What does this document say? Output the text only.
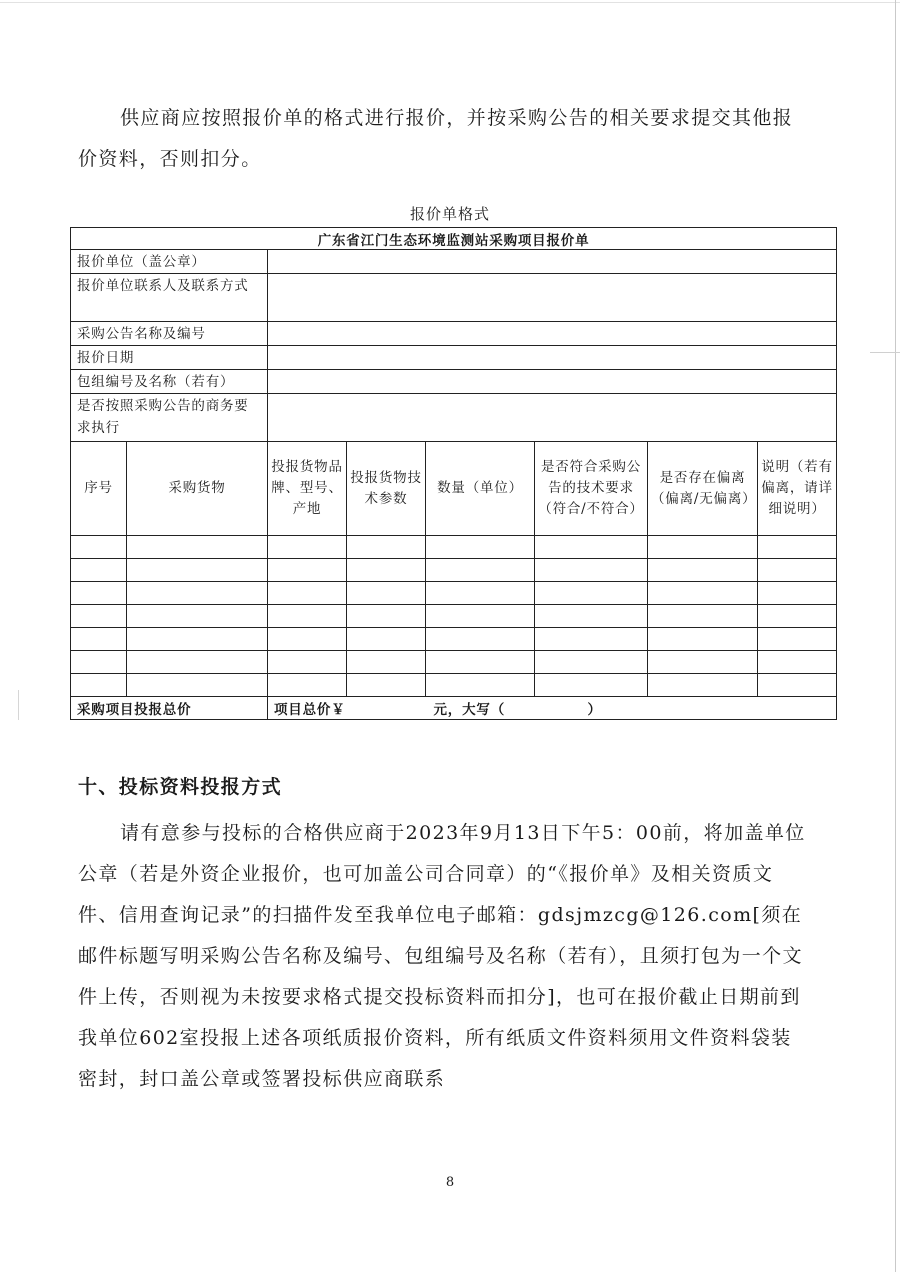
供应商应按照报价单的格式进行报价，并按采购公告的相关要求提交其他报价资料，否则扣分。

报价单格式
广东省江门生态环境监测站采购项目报价单							
报价单位（盖公章）							
报价单位联系人及联系方式							
采购公告名称及编号							
报价日期							
包组编号及名称（若有）							
是否按照采购公告的商务要求执行							
序号	采购货物	投报货物品牌、型号、产地	投报货物技术参数	数量（单位）	是否符合采购公告的技术要求（符合/不符合）	是否存在偏离（偏离/无偏离）	说明（若有偏离，请详细说明）

采购项目投报总价		项目总价￥                元，大写（               ）					
十、投标资料投报方式

请有意参与投标的合格供应商于2023年9月13日下午5：00前，将加盖单位公章（若是外资企业报价，也可加盖公司合同章）的“《报价单》及相关资质文件、信用查询记录”的扫描件发至我单位电子邮箱：gdsjmzcg@126.com[须在邮件标题写明采购公告名称及编号、包组编号及名称（若有），且须打包为一个文件上传，否则视为未按要求格式提交投标资料而扣分]，也可在报价截止日期前到我单位602室投报上述各项纸质报价资料，所有纸质文件资料须用文件资料袋装密封，封口盖公章或签署投标供应商联系

8
